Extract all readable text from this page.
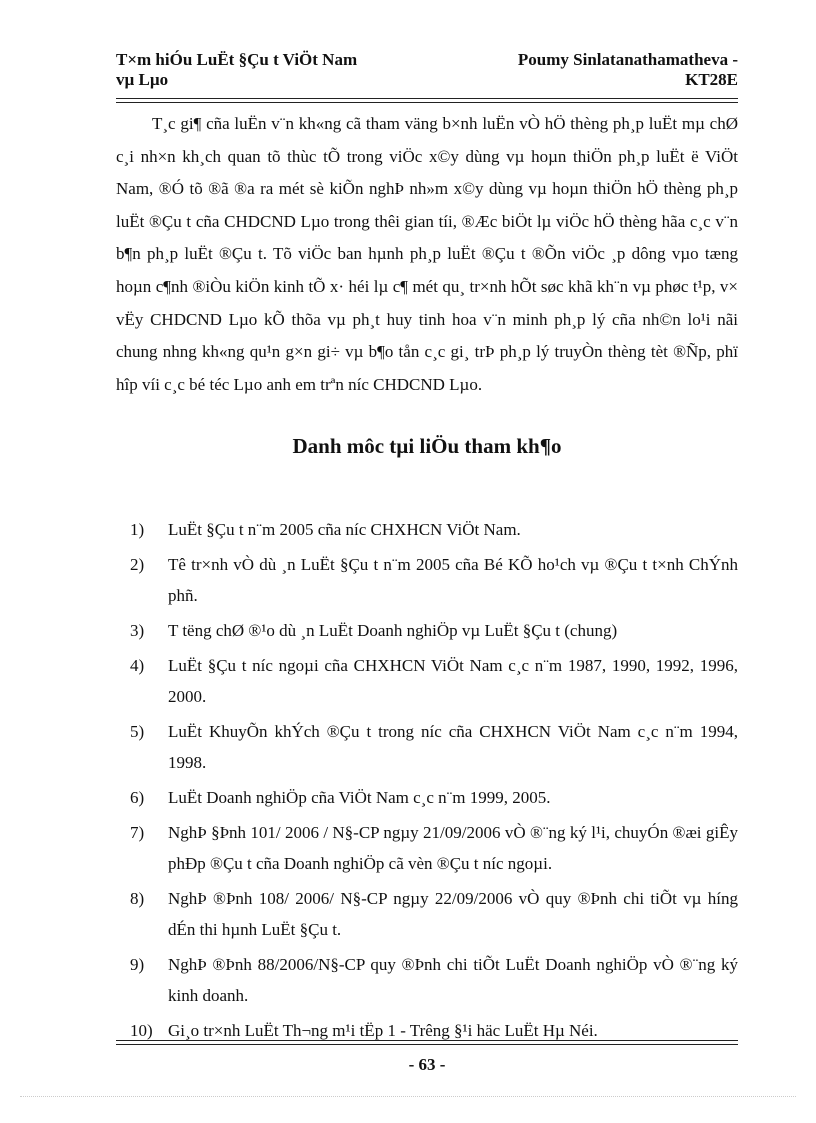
T×m hiÓu LuËt §Çu t ViÖt Nam
vµ Lµo
Poumy Sinlatanathamatheva -
KT28E

T¸c gi¶ cña luËn v¨n kh«ng cã tham väng b×nh luËn vÒ hÖ thèng ph¸p luËt mµ chØ c¸i nh×n kh¸ch quan tõ thùc tÕ trong viÖc x©y dùng vµ hoµn thiÖn ph¸p luËt ë ViÖt Nam, ®Ó tõ ®ã ®a ra mét sè kiÕn nghÞ nh»m x©y dùng vµ hoµn thiÖn hÖ thèng ph¸p luËt ®Çu t cña CHDCND Lµo trong thêi gian tíi, ®Æc biÖt lµ viÖc hÖ thèng hãa c¸c v¨n b¶n ph¸p luËt ®Çu t. Tõ viÖc ban hµnh ph¸p luËt ®Çu t ®Õn viÖc ¸p dông vµo tæng hoµn c¶nh ®iÒu kiÖn kinh tÕ x· héi lµ c¶ mét qu¸ tr×nh hÕt søc khã kh¨n vµ phøc t¹p, v× vËy CHDCND Lµo kÕ thõa vµ ph¸t huy tinh hoa v¨n minh ph¸p lý cña nh©n lo¹i nãi chung nhng kh«ng qu¹n g×n gi÷ vµ b¶o tån c¸c gi¸ trÞ ph¸p lý truyÒn thèng tèt ®Ñp, phï hîp víi c¸c bé téc Lµo anh em trªn níc CHDCND Lµo.

Danh môc tµi liÖu tham kh¶o
1)	LuËt §Çu t n¨m 2005 cña níc CHXHCN ViÖt Nam.
2)	Tê tr×nh vÒ dù ¸n LuËt §Çu t n¨m 2005 cña Bé KÕ ho¹ch vµ ®Çu t t×nh ChÝnh phñ.
3)	T tëng chØ ®¹o dù ¸n LuËt Doanh nghiÖp vµ LuËt §Çu t (chung)
4)	LuËt §Çu t níc ngoµi cña CHXHCN ViÖt Nam c¸c n¨m 1987, 1990, 1992, 1996, 2000.
5)	LuËt KhuyÕn khÝch ®Çu t trong níc cña CHXHCN ViÖt Nam c¸c n¨m 1994, 1998.
6)	LuËt Doanh nghiÖp cña ViÖt Nam c¸c n¨m 1999, 2005.
7)	NghÞ §Þnh 101/ 2006 / N§-CP ngµy 21/09/2006 vÒ ®¨ng ký l¹i, chuyÓn ®æi giÊy phÐp ®Çu t cña Doanh nghiÖp cã vèn ®Çu t níc ngoµi.
8)	NghÞ ®Þnh 108/ 2006/ N§-CP ngµy 22/09/2006 vÒ quy ®Þnh chi tiÕt vµ híng dÉn thi hµnh LuËt §Çu t.
9)	NghÞ ®Þnh 88/2006/N§-CP quy ®Þnh chi tiÕt LuËt Doanh nghiÖp vÒ ®¨ng ký kinh doanh.
10) Gi¸o tr×nh LuËt Th¬ng m¹i tËp 1 - Trêng §¹i häc LuËt Hµ Néi.
- 63 -
